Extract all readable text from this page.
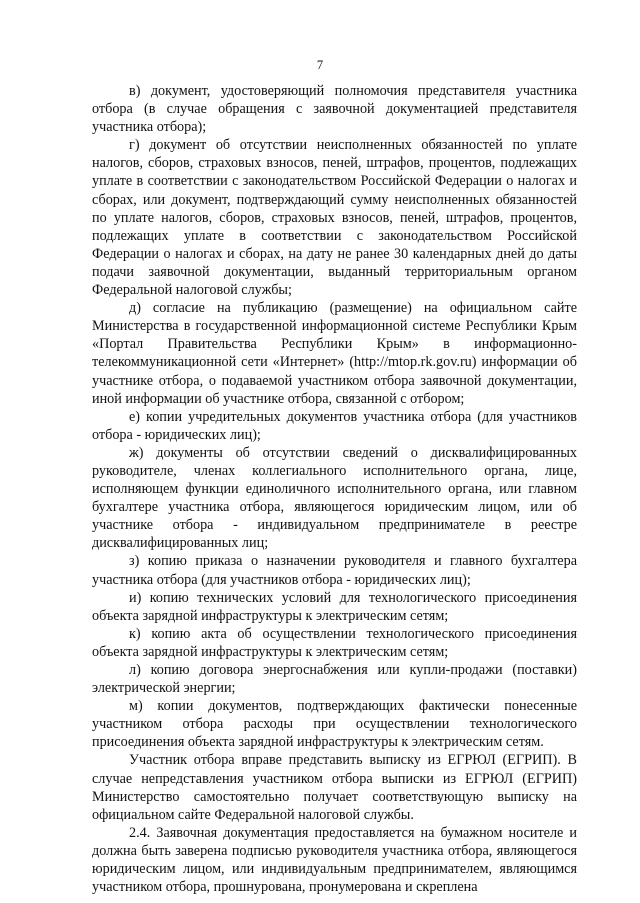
7

в) документ, удостоверяющий полномочия представителя участника отбора (в случае обращения с заявочной документацией представителя участника отбора);

г) документ об отсутствии неисполненных обязанностей по уплате налогов, сборов, страховых взносов, пеней, штрафов, процентов, подлежащих уплате в соответствии с законодательством Российской Федерации о налогах и сборах, или документ, подтверждающий сумму неисполненных обязанностей по уплате налогов, сборов, страховых взносов, пеней, штрафов, процентов, подлежащих уплате в соответствии с законодательством Российской Федерации о налогах и сборах, на дату не ранее 30 календарных дней до даты подачи заявочной документации, выданный территориальным органом Федеральной налоговой службы;

д) согласие на публикацию (размещение) на официальном сайте Министерства в государственной информационной системе Республики Крым «Портал Правительства Республики Крым» в информационно-телекоммуникационной сети «Интернет» (http://mtop.rk.gov.ru) информации об участнике отбора, о подаваемой участником отбора заявочной документации, иной информации об участнике отбора, связанной с отбором;

е) копии учредительных документов участника отбора (для участников отбора - юридических лиц);

ж) документы об отсутствии сведений о дисквалифицированных руководителе, членах коллегиального исполнительного органа, лице, исполняющем функции единоличного исполнительного органа, или главном бухгалтере участника отбора, являющегося юридическим лицом, или об участнике отбора - индивидуальном предпринимателе в реестре дисквалифицированных лиц;

з) копию приказа о назначении руководителя и главного бухгалтера участника отбора (для участников отбора - юридических лиц);

и) копию технических условий для технологического присоединения объекта зарядной инфраструктуры к электрическим сетям;

к) копию акта об осуществлении технологического присоединения объекта зарядной инфраструктуры к электрическим сетям;

л) копию договора энергоснабжения или купли-продажи (поставки) электрической энергии;

м) копии документов, подтверждающих фактически понесенные участником отбора расходы при осуществлении технологического присоединения объекта зарядной инфраструктуры к электрическим сетям.

Участник отбора вправе представить выписку из ЕГРЮЛ (ЕГРИП). В случае непредставления участником отбора выписки из ЕГРЮЛ (ЕГРИП) Министерство самостоятельно получает соответствующую выписку на официальном сайте Федеральной налоговой службы.

2.4. Заявочная документация предоставляется на бумажном носителе и должна быть заверена подписью руководителя участника отбора, являющегося юридическим лицом, или индивидуальным предпринимателем, являющимся участником отбора, прошнурована, пронумерована и скреплена
